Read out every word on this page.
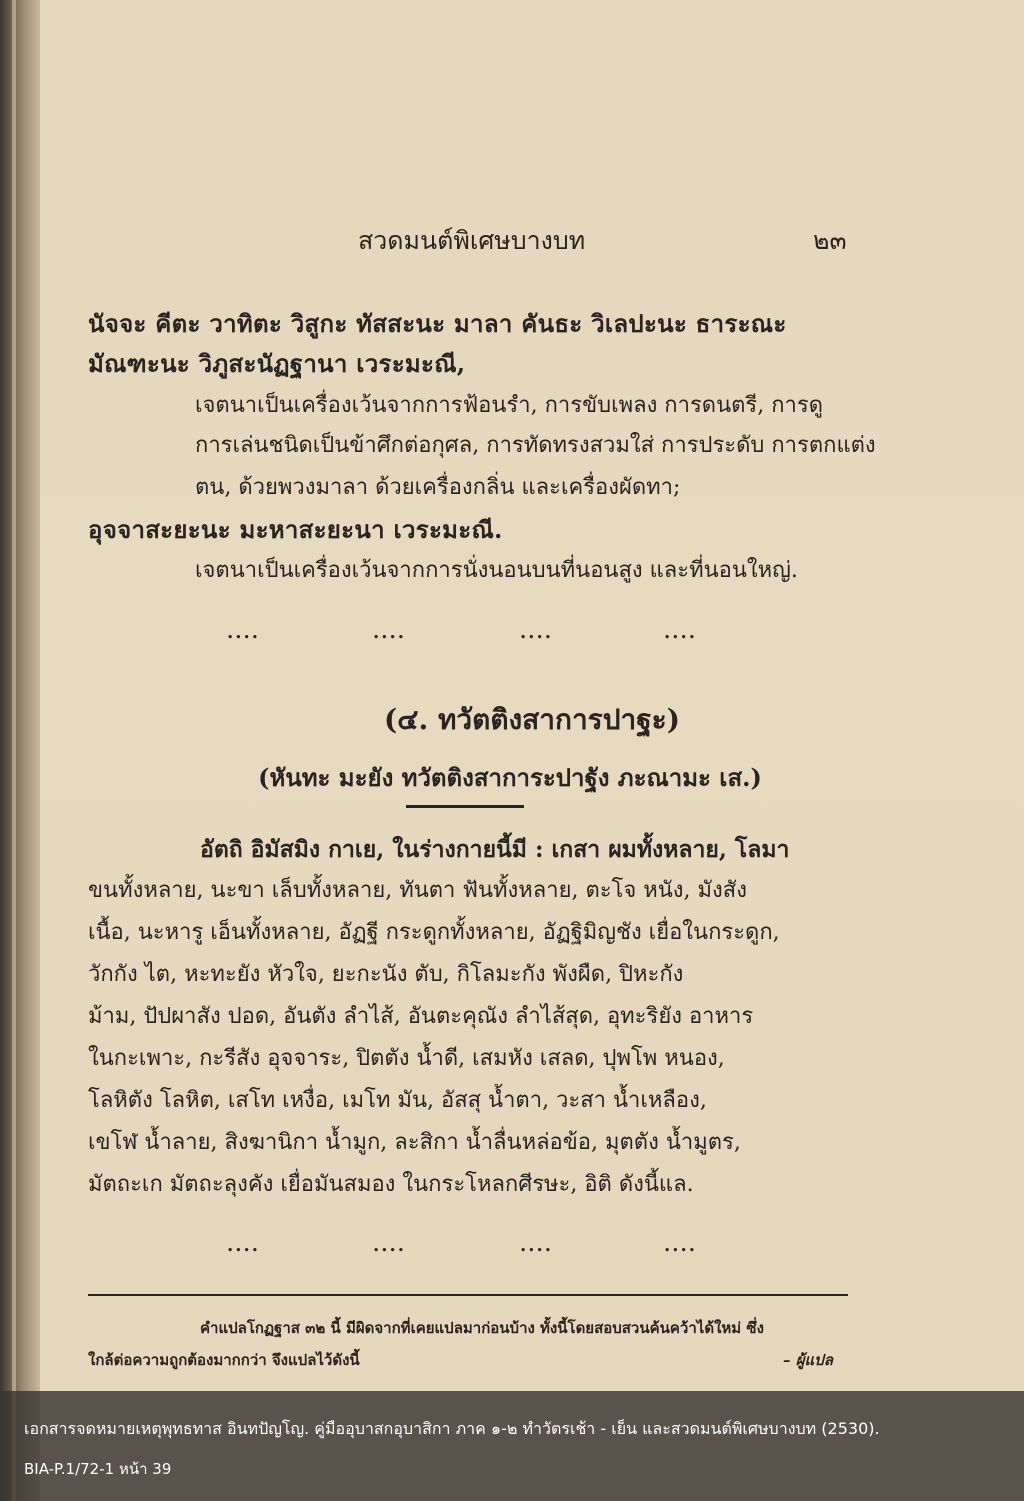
สวดมนต์พิเศษบางบท	๒๓
นัจจะ คีตะ วาทิตะ วิสูกะ ทัสสะนะ มาลา คันธะ วิเลปะนะ ธาระณะ
มัณฑะนะ วิภูสะนัฏฐานา เวระมะณี,
เจตนาเป็นเครื่องเว้นจากการฟ้อนรำ, การขับเพลง การดนตรี, การดู
การเล่นชนิดเป็นข้าศึกต่อกุศล, การทัดทรงสวมใส่ การประดับ การตกแต่ง
ตน, ด้วยพวงมาลา ด้วยเครื่องกลิ่น และเครื่องผัดทา;
อุจจาสะยะนะ มะหาสะยะนา เวระมะณี.
เจตนาเป็นเครื่องเว้นจากการนั่งนอนบนที่นอนสูง และที่นอนใหญ่.
....	....	....	....
(๔. ทวัตติงสาการปาฐะ)
(หันทะ มะยัง ทวัตติงสาการะปาฐัง ภะณามะ เส.)
อัตถิ อิมัสมิง กาเย, ในร่างกายนี้มี : เกสา ผมทั้งหลาย, โลมา
ขนทั้งหลาย, นะขา เล็บทั้งหลาย, ทันตา ฟันทั้งหลาย, ตะโจ หนัง, มังสัง
เนื้อ, นะหารู เอ็นทั้งหลาย, อัฏฐี กระดูกทั้งหลาย, อัฏฐิมิญชัง เยื่อในกระดูก,
วักกัง ไต, หะทะยัง หัวใจ, ยะกะนัง ตับ, กิโลมะกัง พังผืด, ปิหะกัง
ม้าม, ปัปผาสัง ปอด, อันตัง ลำไส้, อันตะคุณัง ลำไส้สุด, อุทะริยัง อาหาร
ในกะเพาะ, กะรีสัง อุจจาระ, ปิตตัง น้ำดี, เสมหัง เสลด, ปุพโพ หนอง,
โลหิตัง โลหิต, เสโท เหงื่อ, เมโท มัน, อัสสุ น้ำตา, วะสา น้ำเหลือง,
เขโฬ น้ำลาย, สิงฆานิกา น้ำมูก, ละสิกา น้ำลื่นหล่อข้อ, มุตตัง น้ำมูตร,
มัตถะเก มัตถะลุงคัง เยื่อมันสมอง ในกระโหลกศีรษะ, อิติ ดังนี้แล.
....	....	....	....
คำแปลโกฏฐาส ๓๒ นี้ มีผิดจากที่เคยแปลมาก่อนบ้าง ทั้งนี้โดยสอบสวนค้นคว้าได้ใหม่ ซึ่ง
ใกล้ต่อความถูกต้องมากกว่า จึงแปลไว้ดังนี้	– ผู้แปล
เอกสารจดหมายเหตุพุทธทาส อินทปัญโญ. คู่มืออุบาสกอุบาสิกา ภาค ๑-๒ ทำวัตรเช้า - เย็น และสวดมนต์พิเศษบางบท (2530).
BIA-P.1/72-1 หน้า 39
